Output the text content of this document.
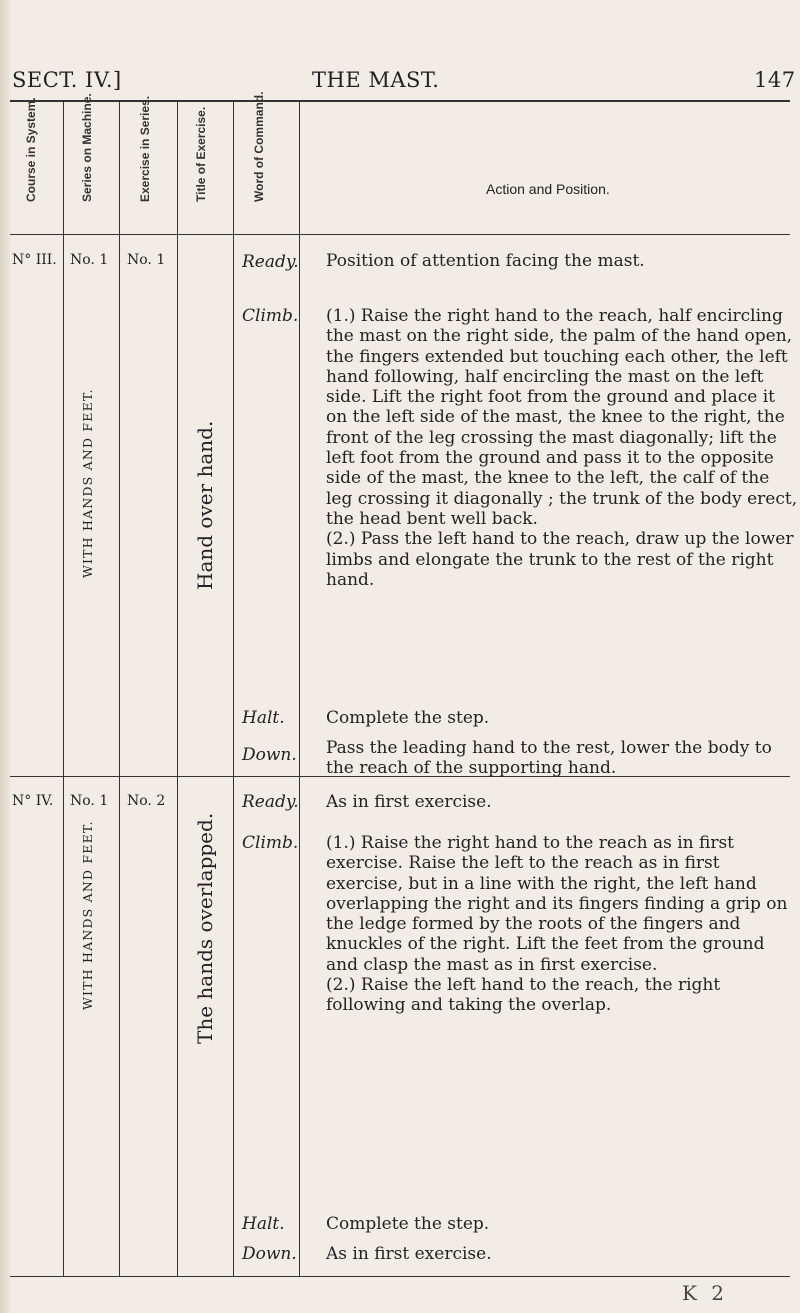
SECT. IV.]	THE MAST.	147
Course in System.	Series on Machine.	Exercise in Series.	Title of Exercise.	Word of Command.	Action and Position.
N° III. No. 1 No. 1
WITH HANDS AND FEET.	Hand over hand.
Ready. Position of attention facing the mast.
Climb. (1.) Raise the right hand to the reach, half encircling the mast on the right side, the palm of the hand open, the fingers extended but touching each other, the left hand following, half encircling the mast on the left side. Lift the right foot from the ground and place it on the left side of the mast, the knee to the right, the front of the leg crossing the mast diagonally; lift the left foot from the ground and pass it to the opposite side of the mast, the knee to the left, the calf of the leg crossing it diagonally ; the trunk of the body erect, the head bent well back.
(2.) Pass the left hand to the reach, draw up the lower limbs and elongate the trunk to the rest of the right hand.
Halt. Complete the step.
Down. Pass the leading hand to the rest, lower the body to the reach of the supporting hand.
N° IV. No. 1 No. 2
WITH HANDS AND FEET.	The hands overlapped.
Ready. As in first exercise.
Climb. (1.) Raise the right hand to the reach as in first exercise. Raise the left to the reach as in first exercise, but in a line with the right, the left hand overlapping the right and its fingers finding a grip on the ledge formed by the roots of the fingers and knuckles of the right. Lift the feet from the ground and clasp the mast as in first exercise.
(2.) Raise the left hand to the reach, the right following and taking the overlap.
Halt. Complete the step.
Down. As in first exercise.
K 2
